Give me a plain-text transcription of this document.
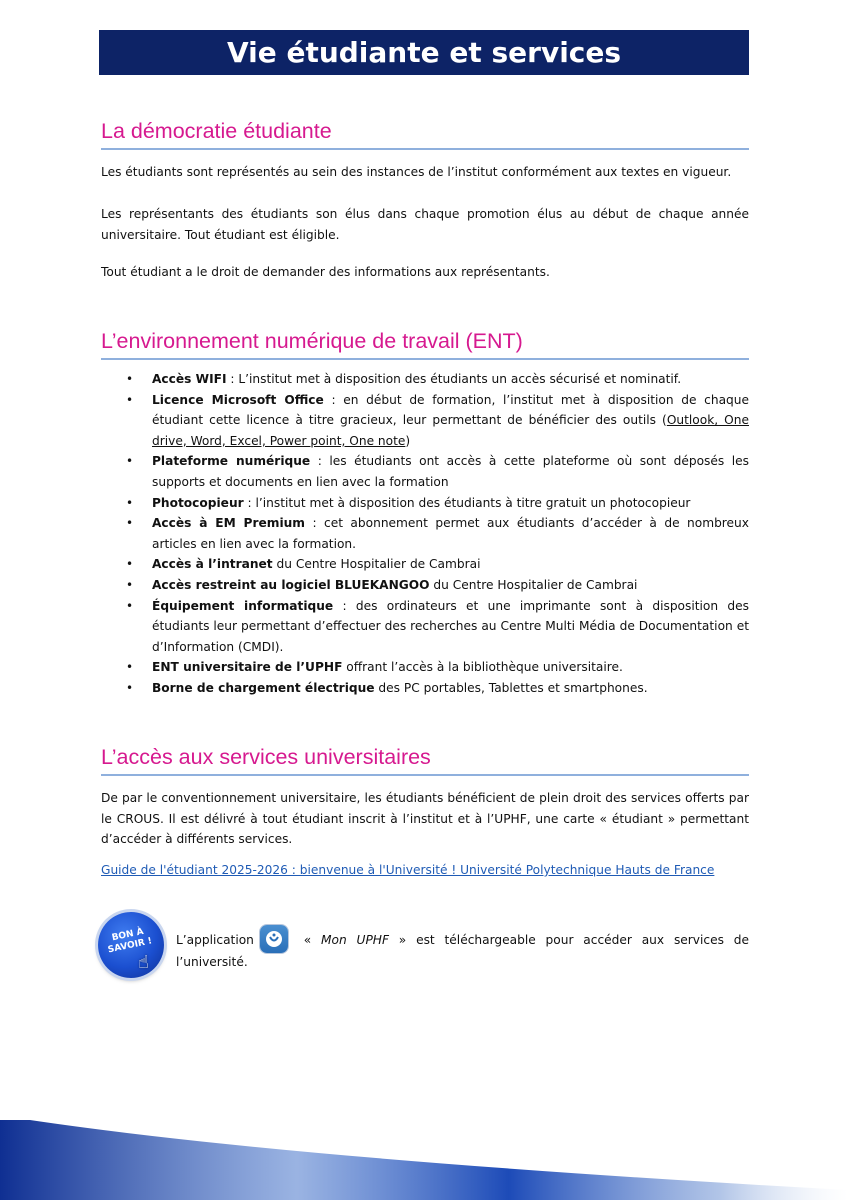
Vie étudiante et services
La démocratie étudiante

Les étudiants sont représentés au sein des instances de l’institut conformément aux textes en vigueur.

Les représentants des étudiants son élus dans chaque promotion élus au début de chaque année universitaire. Tout étudiant est éligible.

Tout étudiant a le droit de demander des informations aux représentants.

L’environnement numérique de travail (ENT)
• Accès WIFI : L’institut met à disposition des étudiants un accès sécurisé et nominatif.
• Licence Microsoft Office : en début de formation, l’institut met à disposition de chaque étudiant cette licence à titre gracieux, leur permettant de bénéficier des outils (Outlook, One drive, Word, Excel, Power point, One note)
• Plateforme numérique : les étudiants ont accès à cette plateforme où sont déposés les supports et documents en lien avec la formation
• Photocopieur : l’institut met à disposition des étudiants à titre gratuit un photocopieur
• Accès à EM Premium : cet abonnement permet aux étudiants d’accéder à de nombreux articles en lien avec la formation.
• Accès à l’intranet du Centre Hospitalier de Cambrai
• Accès restreint au logiciel BLUEKANGOO du Centre Hospitalier de Cambrai
• Équipement informatique : des ordinateurs et une imprimante sont à disposition des étudiants leur permettant d’effectuer des recherches au Centre Multi Média de Documentation et d’Information (CMDI).
• ENT universitaire de l’UPHF offrant l’accès à la bibliothèque universitaire.
• Borne de chargement électrique des PC portables, Tablettes et smartphones.
L’accès aux services universitaires

De par le conventionnement universitaire, les étudiants bénéficient de plein droit des services offerts par le CROUS. Il est délivré à tout étudiant inscrit à l’institut et à l’UPHF, une carte « étudiant » permettant d’accéder à différents services.

Guide de l'étudiant 2025-2026 : bienvenue à l'Université ! Université Polytechnique Hauts de France
BON À SAVOIR !
☝

L’application	« Mon UPHF » est téléchargeable pour accéder aux services de l’université.
